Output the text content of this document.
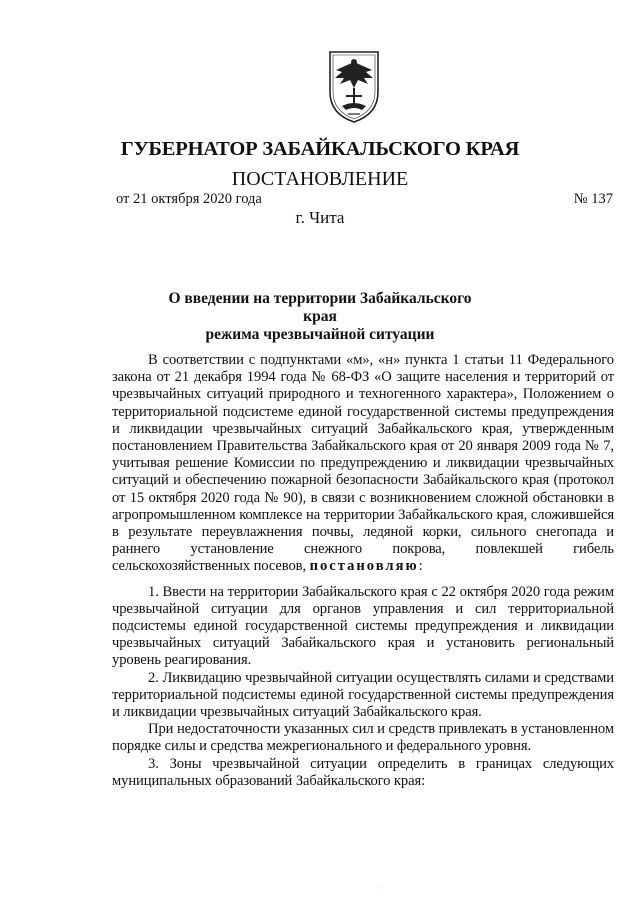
ГУБЕРНАТОР ЗАБАЙКАЛЬСКОГО КРАЯ
ПОСТАНОВЛЕНИЕ
от 21 октября 2020 года	№ 137
г. Чита
О введении на территории Забайкальского края
режима чрезвычайной ситуации

В соответствии с подпунктами «м», «н» пункта 1 статьи 11 Федерального закона от 21 декабря 1994 года № 68-ФЗ «О защите населения и территорий от чрезвычайных ситуаций природного и техногенного характера», Положением о территориальной подсистеме единой государственной системы предупреждения и ликвидации чрезвычайных ситуаций Забайкальского края, утвержденным постановлением Правительства Забайкальского края от 20 января 2009 года № 7, учитывая решение Комиссии по предупреждению и ликвидации чрезвычайных ситуаций и обеспечению пожарной безопасности Забайкальского края (протокол от 15 октября 2020 года № 90), в связи с возникновением сложной обстановки в агропромышленном комплексе на территории Забайкальского края, сложившейся в результате переувлажнения почвы, ледяной корки, сильного снегопада и раннего установление снежного покрова, повлекшей гибель сельскохозяйственных посевов, постановляю:

1. Ввести на территории Забайкальского края с 22 октября 2020 года режим чрезвычайной ситуации для органов управления и сил территориальной подсистемы единой государственной системы предупреждения и ликвидации чрезвычайных ситуаций Забайкальского края и установить региональный уровень реагирования.

2. Ликвидацию чрезвычайной ситуации осуществлять силами и средствами территориальной подсистемы единой государственной системы предупреждения и ликвидации чрезвычайных ситуаций Забайкальского края.

При недостаточности указанных сил и средств привлекать в установленном порядке силы и средства межрегионального и федерального уровня.

3. Зоны чрезвычайной ситуации определить в границах следующих муниципальных образований Забайкальского края:

·
